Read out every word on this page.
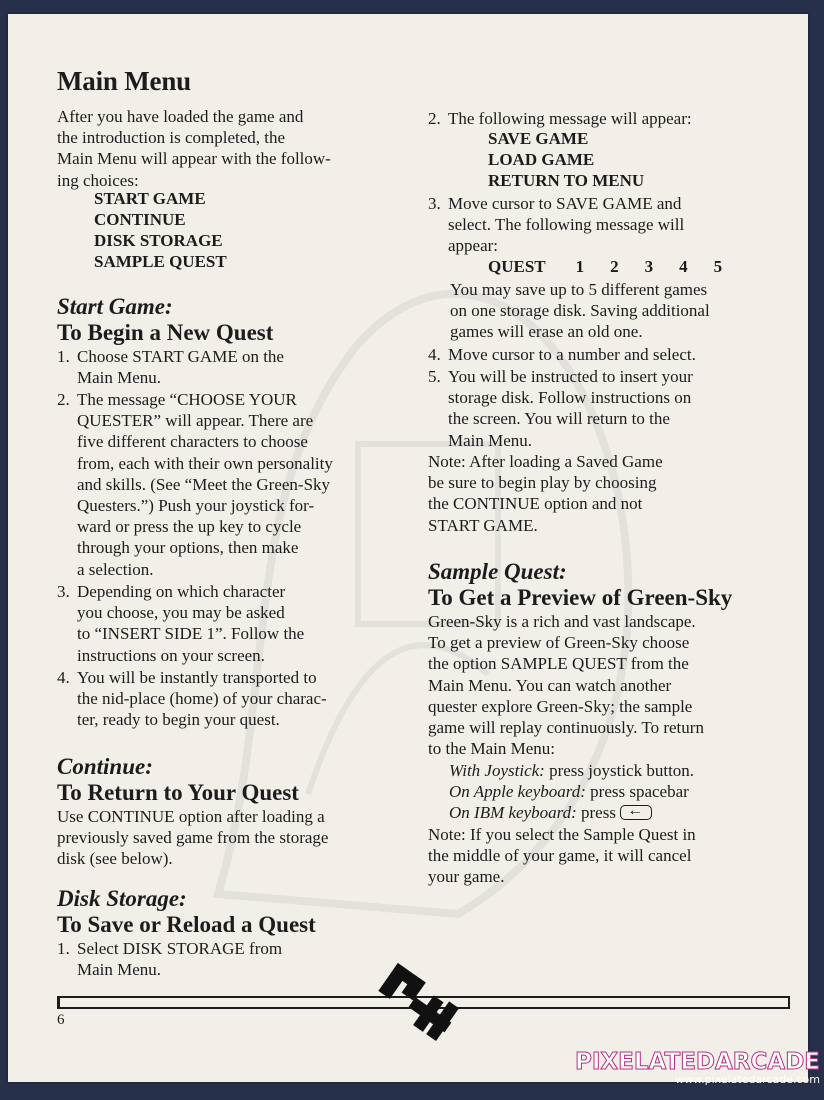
Main Menu
After you have loaded the game and
the introduction is completed, the
Main Menu will appear with the follow-
ing choices:
START GAME
CONTINUE
DISK STORAGE
SAMPLE QUEST
Start Game:
To Begin a New Quest
1. Choose START GAME on the
Main Menu.
2. The message “CHOOSE YOUR
QUESTER” will appear. There are
five different characters to choose
from, each with their own personality
and skills. (See “Meet the Green-Sky
Questers.”) Push your joystick for-
ward or press the up key to cycle
through your options, then make
a selection.
3. Depending on which character
you choose, you may be asked
to “INSERT SIDE 1”. Follow the
instructions on your screen.
4. You will be instantly transported to
the nid-place (home) of your charac-
ter, ready to begin your quest.
Continue:
To Return to Your Quest
Use CONTINUE option after loading a
previously saved game from the storage
disk (see below).
Disk Storage:
To Save or Reload a Quest
1. Select DISK STORAGE from
Main Menu.
2. The following message will appear:
SAVE GAME
LOAD GAME
RETURN TO MENU
3. Move cursor to SAVE GAME and
select. The following message will
appear:
QUEST 1 2 3 4 5
You may save up to 5 different games
on one storage disk. Saving additional
games will erase an old one.
4. Move cursor to a number and select.
5. You will be instructed to insert your
storage disk. Follow instructions on
the screen. You will return to the
Main Menu.
Note: After loading a Saved Game
be sure to begin play by choosing
the CONTINUE option and not
START GAME.
Sample Quest:
To Get a Preview of Green-Sky
Green-Sky is a rich and vast landscape.
To get a preview of Green-Sky choose
the option SAMPLE QUEST from the
Main Menu. You can watch another
quester explore Green-Sky; the sample
game will replay continuously. To return
to the Main Menu:
With Joystick: press joystick button.
On Apple keyboard: press spacebar
On IBM keyboard: press ←
Note: If you select the Sample Quest in
the middle of your game, it will cancel
your game.
6
PIXELATEDARCADE
www.pixelatedarcade.com
